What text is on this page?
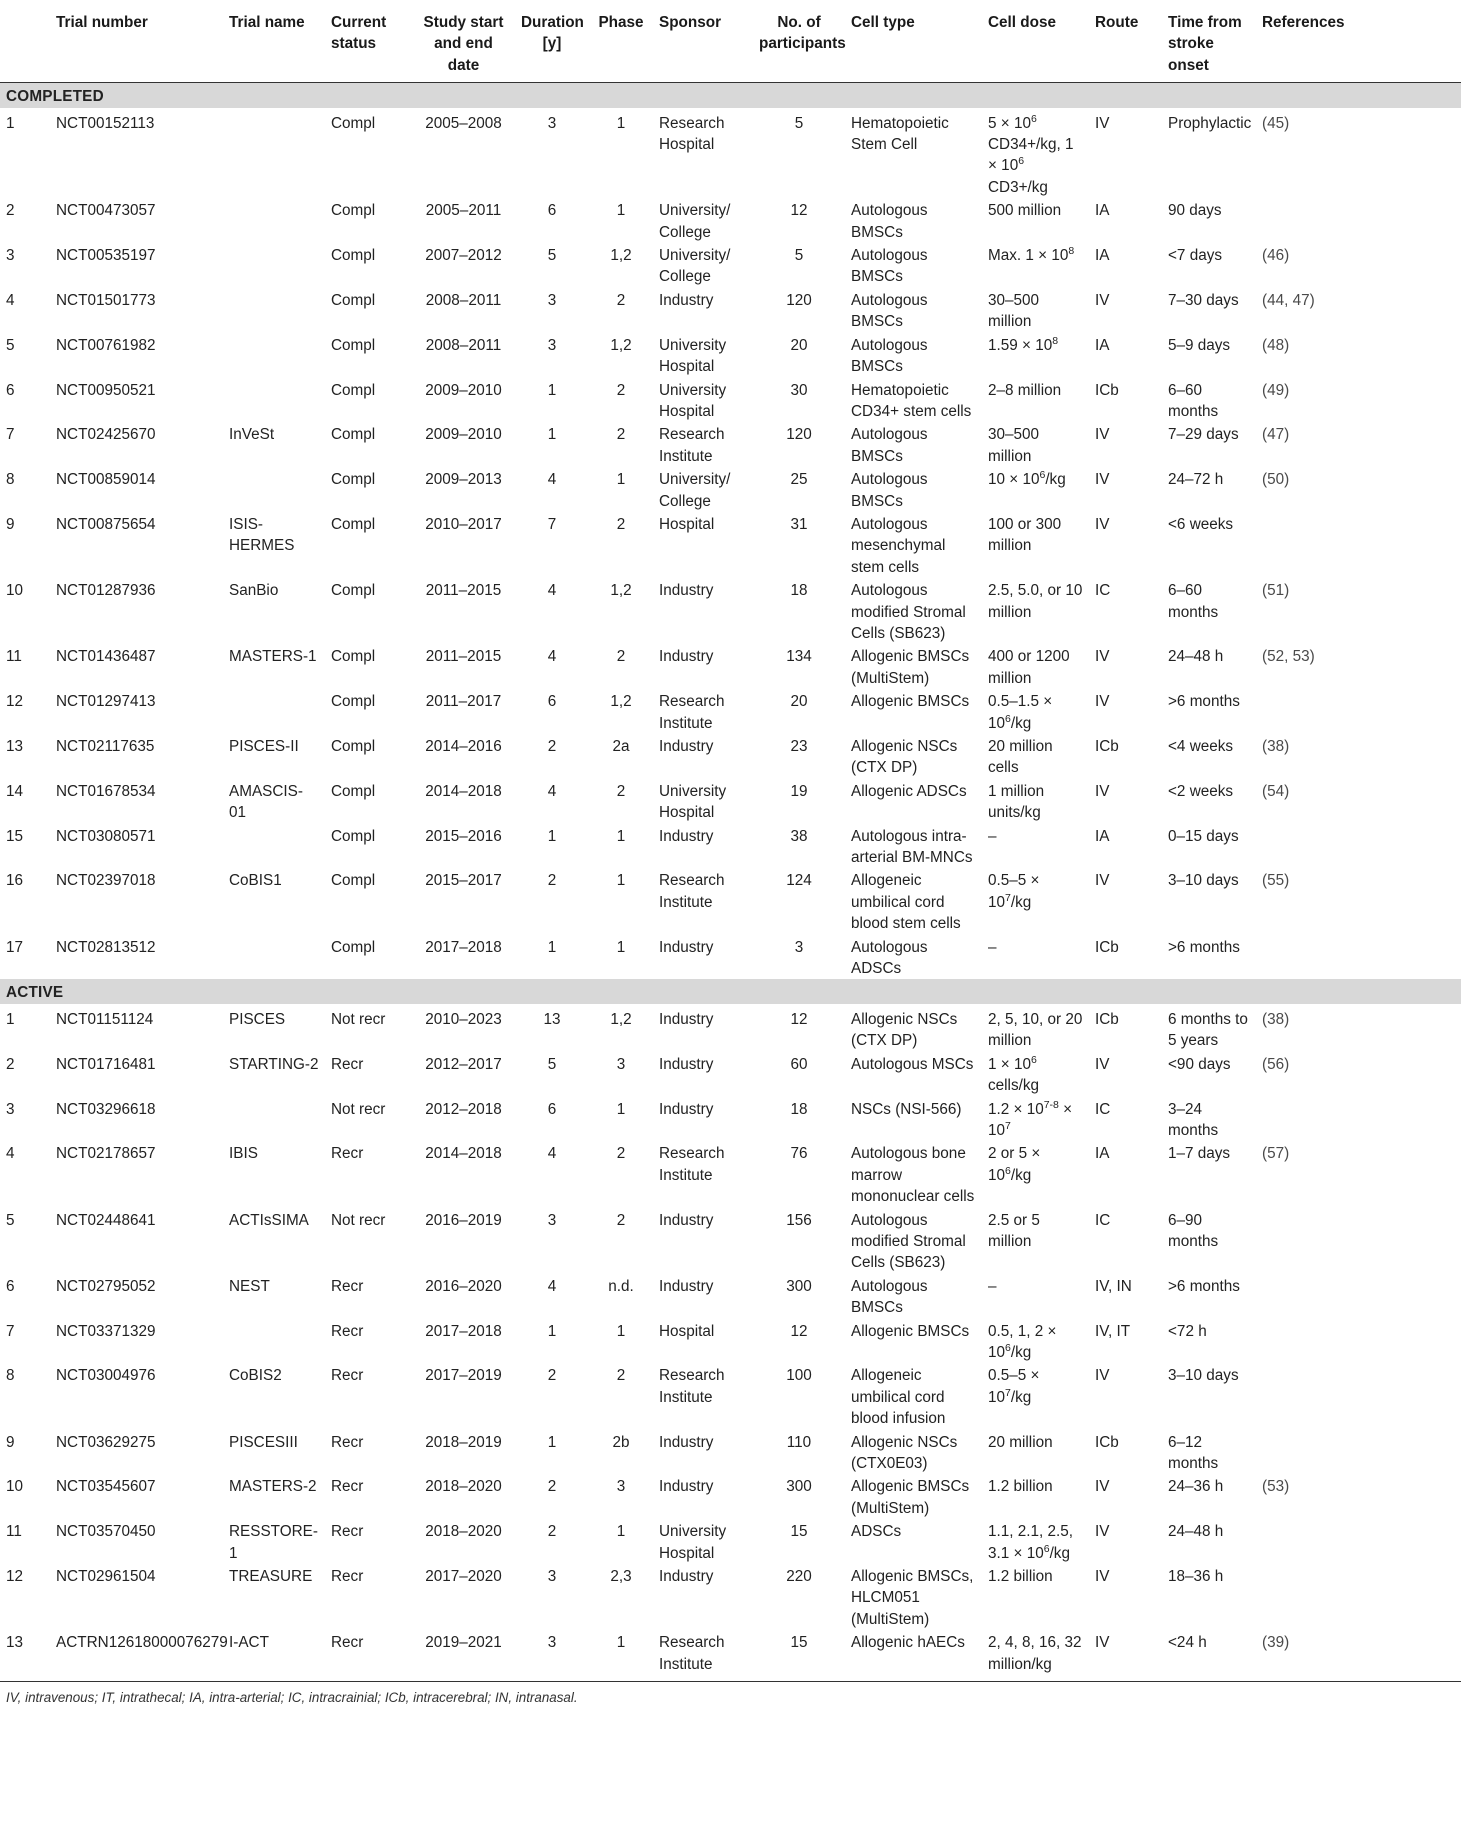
	Trial number	Trial name	Current status	Study start and end date	Duration [y]	Phase	Sponsor	No. of participants	Cell type	Cell dose	Route	Time from stroke onset	References
COMPLETED													
1	NCT00152113		Compl	2005–2008	3	1	Research Hospital	5	Hematopoietic Stem Cell	$5 \times 10^6$ CD34+/kg, $1 \times 10^6$ CD3+/kg	IV	Prophylactic	(45)
2	NCT00473057		Compl	2005–2011	6	1	University/ College	12	Autologous BMSCs	500 million	IA	90 days	
3	NCT00535197		Compl	2007–2012	5	1,2	University/ College	5	Autologous BMSCs	Max. $1 \times 10^8$	IA	<7 days	(46)
4	NCT01501773		Compl	2008–2011	3	2	Industry	120	Autologous BMSCs	30–500 million	IV	7–30 days	(44, 47)
5	NCT00761982		Compl	2008–2011	3	1,2	University Hospital	20	Autologous BMSCs	$1.59 \times 10^8$	IA	5–9 days	(48)
6	NCT00950521		Compl	2009–2010	1	2	University Hospital	30	Hematopoietic CD34+ stem cells	2–8 million	ICb	6–60 months	(49)
7	NCT02425670	InVeSt	Compl	2009–2010	1	2	Research Institute	120	Autologous BMSCs	30–500 million	IV	7–29 days	(47)
8	NCT00859014		Compl	2009–2013	4	1	University/ College	25	Autologous BMSCs	$10 \times 10^6/kg$	IV	24–72 h	(50)
9	NCT00875654	ISIS-HERMES	Compl	2010–2017	7	2	Hospital	31	Autologous mesenchymal stem cells	100 or 300 million	IV	<6 weeks	
10	NCT01287936	SanBio	Compl	2011–2015	4	1,2	Industry	18	Autologous modified Stromal Cells (SB623)	2.5, 5.0, or 10 million	IC	6–60 months	(51)
11	NCT01436487	MASTERS-1	Compl	2011–2015	4	2	Industry	134	Allogenic BMSCs (MultiStem)	400 or 1200 million	IV	24–48 h	(52, 53)
12	NCT01297413		Compl	2011–2017	6	1,2	Research Institute	20	Allogenic BMSCs	$0.5-1.5 \times 10^6/kg$	IV	>6 months	
13	NCT02117635	PISCES-II	Compl	2014–2016	2	2a	Industry	23	Allogenic NSCs (CTX DP)	20 million cells	ICb	<4 weeks	(38)
14	NCT01678534	AMASCIS-01	Compl	2014–2018	4	2	University Hospital	19	Allogenic ADSCs	1 million units/kg	IV	<2 weeks	(54)
15	NCT03080571		Compl	2015–2016	1	1	Industry	38	Autologous intra-arterial BM-MNCs	–	IA	0–15 days	
16	NCT02397018	CoBIS1	Compl	2015–2017	2	1	Research Institute	124	Allogeneic umbilical cord blood stem cells	$0.5-5 \times 10^7/kg$	IV	3–10 days	(55)
17	NCT02813512		Compl	2017–2018	1	1	Industry	3	Autologous ADSCs	–	ICb	>6 months	
ACTIVE													
1	NCT01151124	PISCES	Not recr	2010–2023	13	1,2	Industry	12	Allogenic NSCs (CTX DP)	2, 5, 10, or 20 million	ICb	6 months to 5 years	(38)
2	NCT01716481	STARTING-2	Recr	2012–2017	5	3	Industry	60	Autologous MSCs	$1 \times 10^6$ cells/kg	IV	<90 days	(56)
3	NCT03296618		Not recr	2012–2018	6	1	Industry	18	NSCs (NSI-566)	$1.2 \times 10^{7-8} \times 10^7$	IC	3–24 months	
4	NCT02178657	IBIS	Recr	2014–2018	4	2	Research Institute	76	Autologous bone marrow mononuclear cells	2 or $5 \times 10^6/kg$	IA	1–7 days	(57)
5	NCT02448641	ACTIsSIMA	Not recr	2016–2019	3	2	Industry	156	Autologous modified Stromal Cells (SB623)	2.5 or 5 million	IC	6–90 months	
6	NCT02795052	NEST	Recr	2016–2020	4	n.d.	Industry	300	Autologous BMSCs	–	IV, IN	>6 months	
7	NCT03371329		Recr	2017–2018	1	1	Hospital	12	Allogenic BMSCs	0.5, 1, $2 \times 10^6/kg$	IV, IT	<72 h	
8	NCT03004976	CoBIS2	Recr	2017–2019	2	2	Research Institute	100	Allogeneic umbilical cord blood infusion	$0.5-5 \times 10^7/kg$	IV	3–10 days	
9	NCT03629275	PISCESIII	Recr	2018–2019	1	2b	Industry	110	Allogenic NSCs (CTX0E03)	20 million	ICb	6–12 months	
10	NCT03545607	MASTERS-2	Recr	2018–2020	2	3	Industry	300	Allogenic BMSCs (MultiStem)	1.2 billion	IV	24–36 h	(53)
11	NCT03570450	RESSTORE-1	Recr	2018–2020	2	1	University Hospital	15	ADSCs	1.1, 2.1, 2.5, $3.1 \times 10^6/kg$	IV	24–48 h	
12	NCT02961504	TREASURE	Recr	2017–2020	3	2,3	Industry	220	Allogenic BMSCs, HLCM051 (MultiStem)	1.2 billion	IV	18–36 h	
13	ACTRN12618000076279	I-ACT	Recr	2019–2021	3	1	Research Institute	15	Allogenic hAECs	2, 4, 8, 16, 32 million/kg	IV	<24 h	(39)
IV, intravenous; IT, intrathecal; IA, intra-arterial; IC, intracrainial; ICb, intracerebral; IN, intranasal.
